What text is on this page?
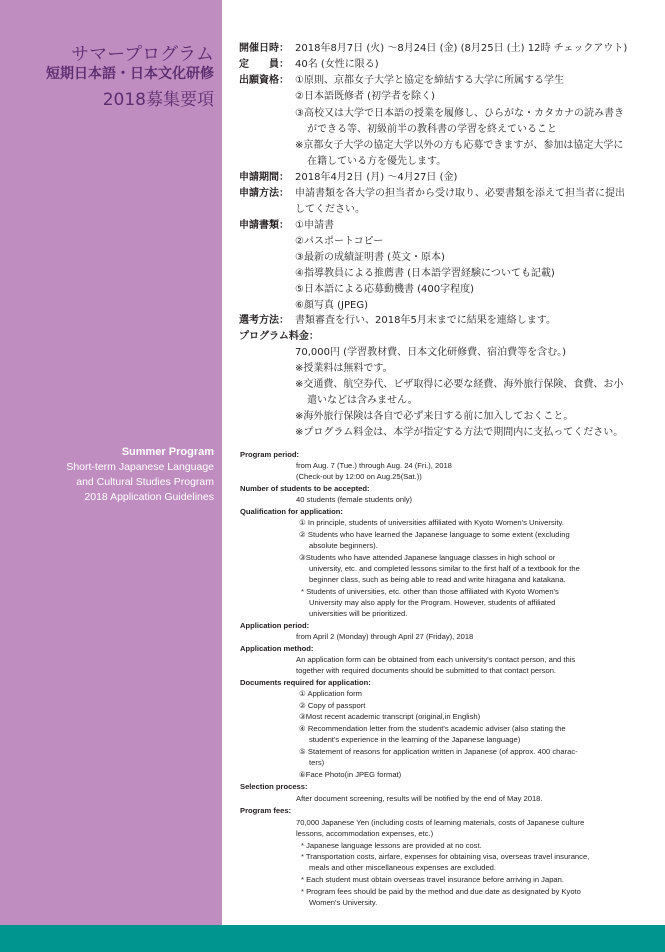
サマープログラム
短期日本語・日本文化研修
2018募集要項
Summer Program
Short-term Japanese Language
and Cultural Studies Program
2018 Application Guidelines
開催日時： 2018年8月7日 (火) ～8月24日 (金) (8月25日 (土) 12時 チェックアウト)
定　　員： 40名 (女性に限る)
出願資格： ①原則、京都女子大学と協定を締結する大学に所属する学生
②日本語既修者 (初学者を除く)
③高校又は大学で日本語の授業を履修し、ひらがな・カタカナの読み書き
ができる等、初級前半の教科書の学習を終えていること
※京都女子大学の協定大学以外の方も応募できますが、参加は協定大学に
在籍している方を優先します。
申請期間： 2018年4月2日 (月) ～4月27日 (金)
申請方法： 申請書類を各大学の担当者から受け取り、必要書類を添えて担当者に提出
してください。
申請書類： ①申請書
②パスポートコピー
③最新の成績証明書 (英文・原本)
④指導教員による推薦書 (日本語学習経験についても記載)
⑤日本語による応募動機書 (400字程度)
⑥顔写真 (JPEG)
選考方法： 書類審査を行い、2018年5月末までに結果を連絡します。
プログラム料金：
70,000円 (学習教材費、日本文化研修費、宿泊費等を含む。)
※授業料は無料です。
※交通費、航空券代、ビザ取得に必要な経費、海外旅行保険、食費、お小
遣いなどは含みません。
※海外旅行保険は各自で必ず来日する前に加入しておくこと。
※プログラム料金は、本学が指定する方法で期間内に支払ってください。
Program period:
from Aug. 7 (Tue.) through Aug. 24 (Fri.), 2018
(Check-out by 12:00 on Aug.25(Sat.))
Number of students to be accepted:
40 students (female students only)
Qualification for application:
① In principle, students of universities affiliated with Kyoto Women's University.
② Students who have learned the Japanese language to some extent (excluding
absolute beginners).
③Students who have attended Japanese language classes in high school or
university, etc. and completed lessons similar to the first half of a textbook for the
beginner class, such as being able to read and write hiragana and katakana.
* Students of universities, etc. other than those affiliated with Kyoto Women's
University may also apply for the Program. However, students of affiliated
universities will be prioritized.
Application period:
from April 2 (Monday) through April 27 (Friday), 2018
Application method:
An application form can be obtained from each university's contact person, and this
together with required documents should be submitted to that contact person.
Documents required for application:
① Application form
② Copy of passport
③Most recent academic transcript (original,in English)
④ Recommendation letter from the student's academic adviser (also stating the
student's experience in the learning of the Japanese language)
⑤ Statement of reasons for application written in Japanese (of approx. 400 charac-
ters)
⑥Face Photo(in JPEG format)
Selection process:
After document screening, results will be notified by the end of May 2018.
Program fees:
70,000 Japanese Yen (including costs of learning materials, costs of Japanese culture
lessons, accommodation expenses, etc.)
* Japanese language lessons are provided at no cost.
* Transportation costs, airfare, expenses for obtaining visa, overseas travel insurance,
meals and other miscellaneous expenses are excluded.
* Each student must obtain overseas travel insurance before arriving in Japan.
* Program fees should be paid by the method and due date as designated by Kyoto
Women's University.
